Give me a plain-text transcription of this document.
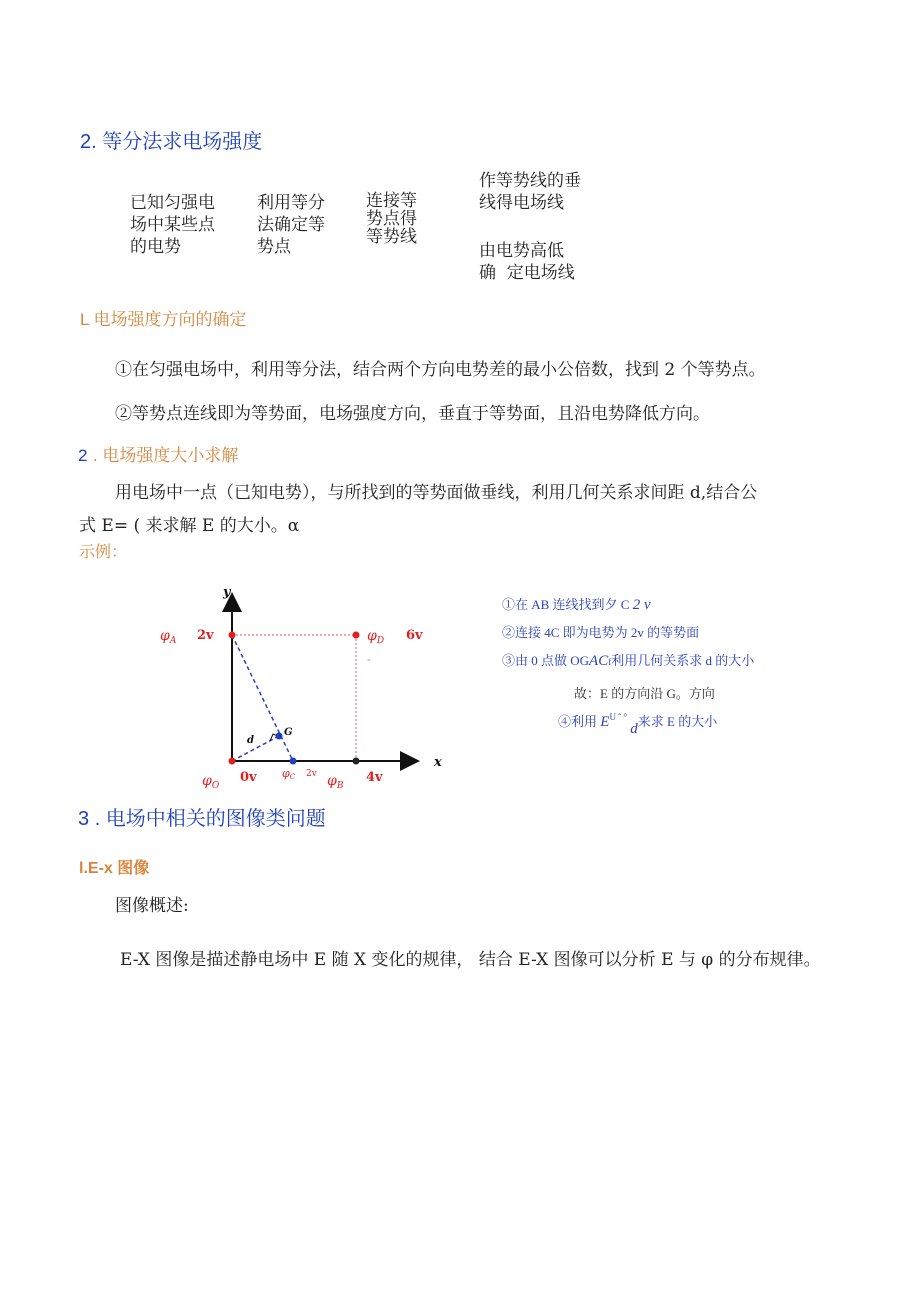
2. 等分法求电场强度
已知匀强电
场中某些点
的电势
利用等分
法确定等
势点
连接等
势点得
等势线
作等势线的垂
线得电场线
由电势高低
确  定电场线
L 电场强度方向的确定
①在匀强电场中，利用等分法，结合两个方向电势差的最小公倍数，找到 2 个等势点。
②等势点连线即为等势面，电场强度方向，垂直于等势面，且沿电势降低方向。
2 . 电场强度大小求解
用电场中一点（已知电势），与所找到的等势面做垂线，利用几何关系求间距 d,结合公
式 E= ( 来求解 E 的大小。α
示例：
y
x
$\varphi_A$ 2v	$\varphi_D$ 6v
-
$\varphi_O$
0v φC 2v $\varphi_B$
4v
G
d
①在 AB 连线找到夕 C 2 v
②连接 4C 即为电势为 2v 的等势面
③由 0 点做 OGACf利用几何关系求 d 的大小
故：E 的方向沿 G。方向
④利用 $E^{U ˆ ^\circ}$ d来求 E 的大小
3 . 电场中相关的图像类问题
l.E-x 图像
图像概述:
E-X 图像是描述静电场中 E 随 X 变化的规律， 结合 E-X 图像可以分析 E 与 φ 的分布规律。
